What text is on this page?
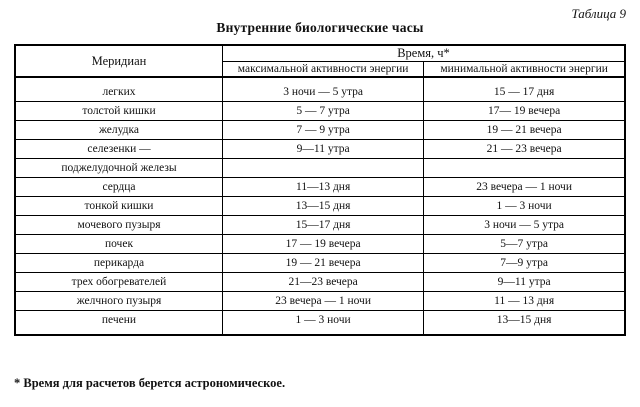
Таблица 9
Внутренние биологические часы
Меридиан	Время, ч*	
	максимальной активности энергии	минимальной активности энергии
легких	3 ночи — 5 утра	15 — 17 дня
толстой кишки	5 — 7 утра	17— 19 вечера
желудка	7 — 9 утра	19 — 21 вечера
селезенки —	9—11 утра	21 — 23 вечера
поджелудочной железы		
сердца	11—13 дня	23 вечера — 1 ночи
тонкой кишки	13—15 дня	1 — 3 ночи
мочевого пузыря	15—17 дня	3 ночи — 5 утра
почек	17 — 19 вечера	5—7 утра
перикарда	19 — 21 вечера	7—9 утра
трех обогревателей	21—23 вечера	9—11 утра
желчного пузыря	23 вечера — 1 ночи	11 — 13 дня
печени	1 — 3 ночи	13—15 дня
* Время для расчетов берется астрономическое.
